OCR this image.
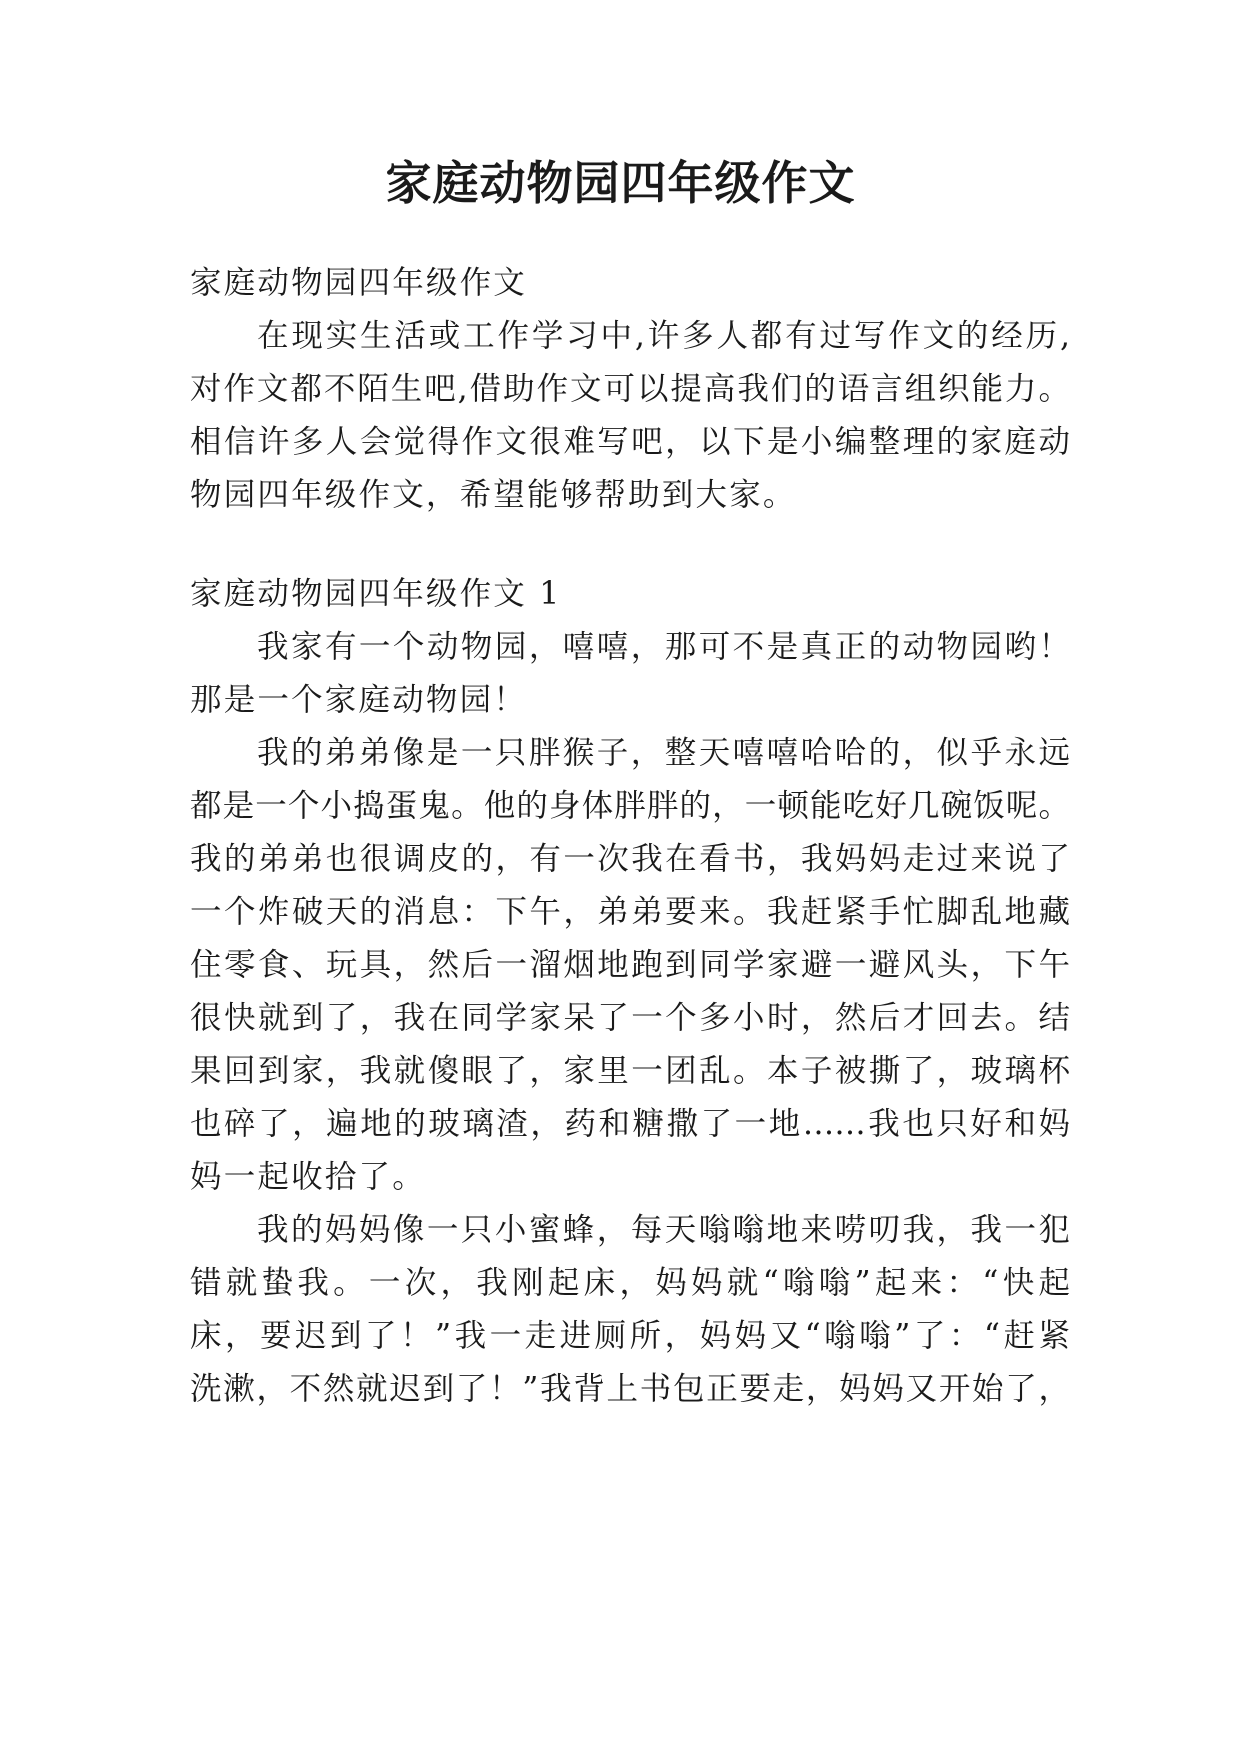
家庭动物园四年级作文
家庭动物园四年级作文
在现实生活或工作学习中,许多人都有过写作文的经历,
对作文都不陌生吧,借助作文可以提高我们的语言组织能力。
相信许多人会觉得作文很难写吧，以下是小编整理的家庭动
物园四年级作文，希望能够帮助到大家。
家庭动物园四年级作文 1
我家有一个动物园，嘻嘻，那可不是真正的动物园哟！
那是一个家庭动物园！
我的弟弟像是一只胖猴子，整天嘻嘻哈哈的，似乎永远
都是一个小捣蛋鬼。他的身体胖胖的，一顿能吃好几碗饭呢。
我的弟弟也很调皮的，有一次我在看书，我妈妈走过来说了
一个炸破天的消息：下午，弟弟要来。我赶紧手忙脚乱地藏
住零食、玩具，然后一溜烟地跑到同学家避一避风头，下午
很快就到了，我在同学家呆了一个多小时，然后才回去。结
果回到家，我就傻眼了，家里一团乱。本子被撕了，玻璃杯
也碎了，遍地的玻璃渣，药和糖撒了一地……我也只好和妈
妈一起收拾了。
我的妈妈像一只小蜜蜂，每天嗡嗡地来唠叨我，我一犯
错就蛰我。一次，我刚起床，妈妈就“嗡嗡”起来：“快起
床，要迟到了！”我一走进厕所，妈妈又“嗡嗡”了：“赶紧
洗漱，不然就迟到了！”我背上书包正要走，妈妈又开始了，
